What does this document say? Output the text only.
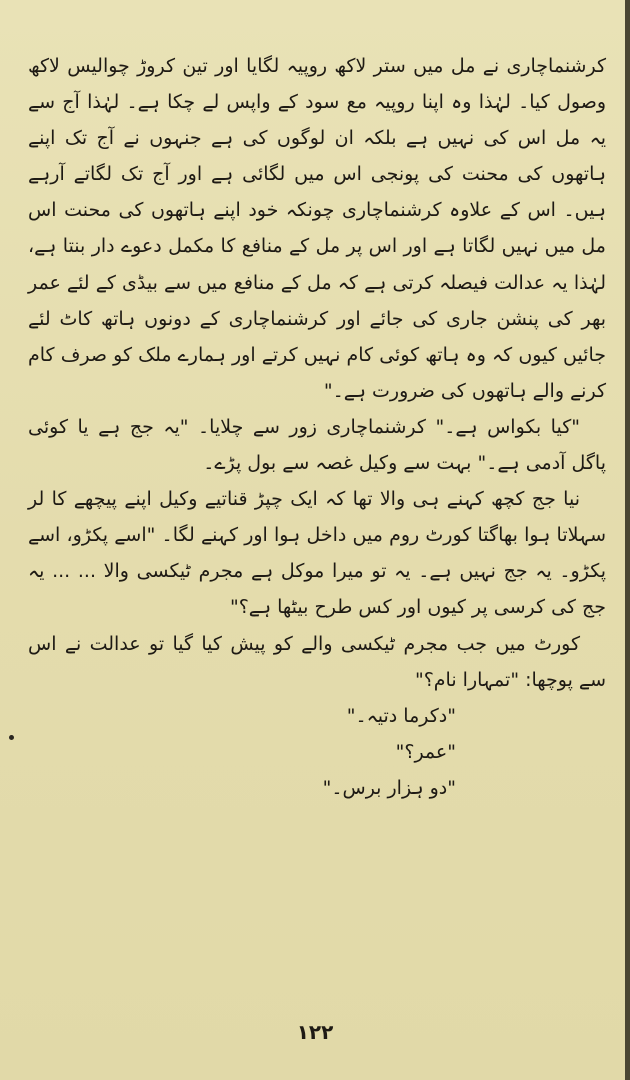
کرشنماچاری نے مل میں ستر لاکھ روپیہ لگایا اور تین کروڑ چوالیس لاکھ وصول کیا۔ لہٰذا وہ اپنا روپیہ مع سود کے واپس لے چکا ہے۔ لہٰذا آج سے یہ مل اس کی نہیں ہے بلکہ ان لوگوں کی ہے جنہوں نے آج تک اپنے ہاتھوں کی محنت کی پونجی اس میں لگائی ہے اور آج تک لگاتے آرہے ہیں۔ اس کے علاوہ کرشنماچاری چونکہ خود اپنے ہاتھوں کی محنت اس مل میں نہیں لگاتا ہے اور اس پر مل کے منافع کا مکمل دعوے دار بنتا ہے، لہٰذا یہ عدالت فیصلہ کرتی ہے کہ مل کے منافع میں سے بیڈی کے لئے عمر بھر کی پنشن جاری کی جائے اور کرشنماچاری کے دونوں ہاتھ کاٹ لئے جائیں کیوں کہ وہ ہاتھ کوئی کام نہیں کرتے اور ہمارے ملک کو صرف کام کرنے والے ہاتھوں کی ضرورت ہے۔"

"کیا بکواس ہے۔" کرشنماچاری زور سے چلایا۔ "یہ جج ہے یا کوئی پاگل آدمی ہے۔" بہت سے وکیل غصہ سے بول پڑے۔

نیا جج کچھ کہنے ہی والا تھا کہ ایک چپڑ قناتیے وکیل اپنے پیچھے کا لر سہلاتا ہوا بھاگتا کورٹ روم میں داخل ہوا اور کہنے لگا۔ "اسے پکڑو، اسے پکڑو۔ یہ جج نہیں ہے۔ یہ تو میرا موکل ہے مجرم ٹیکسی والا ... ... یہ جج کی کرسی پر کیوں اور کس طرح بیٹھا ہے؟"

کورٹ میں جب مجرم ٹیکسی والے کو پیش کیا گیا تو عدالت نے اس سے پوچھا: "تمہارا نام؟"

"دکرما دتیہ۔"

"عمر؟"

"دو ہزار برس۔"

۱۲۲
